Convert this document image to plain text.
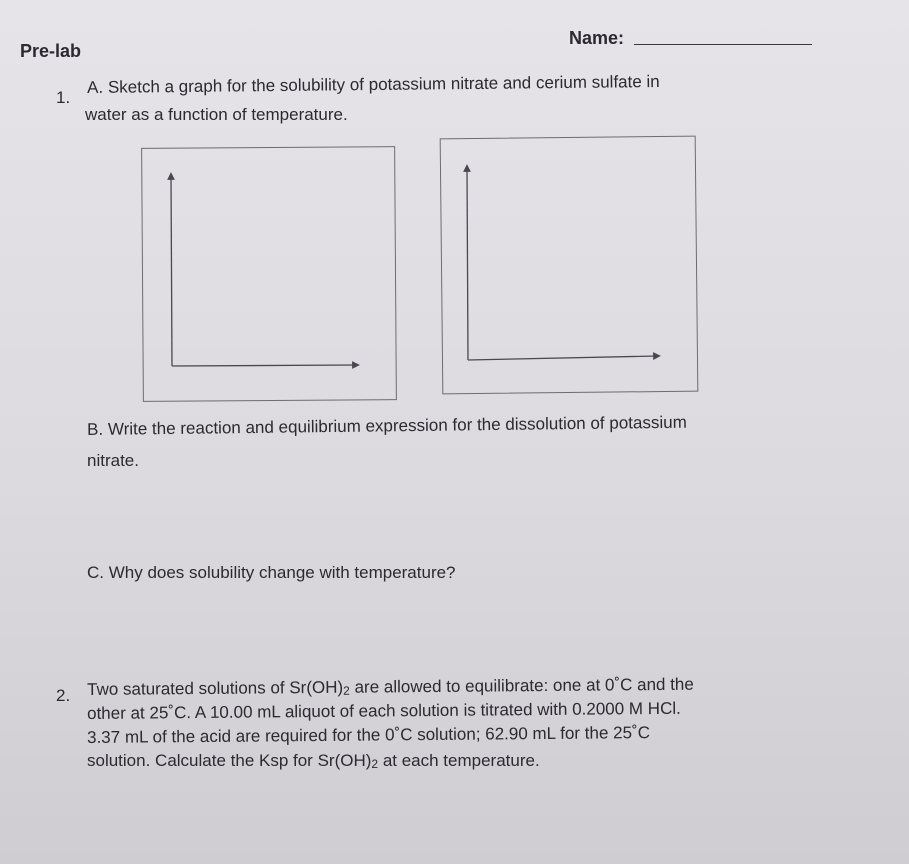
Pre-lab
Name:
1.
A. Sketch a graph for the solubility of potassium nitrate and cerium sulfate in
water as a function of temperature.
B. Write the reaction and equilibrium expression for the dissolution of potassium
nitrate.
C. Why does solubility change with temperature?
2. Two saturated solutions of $Sr(OH)_2$ are allowed to equilibrate: one at 0˚C and the
other at 25˚C. A 10.00 mL aliquot of each solution is titrated with 0.2000 M HCl.
3.37 mL of the acid are required for the 0˚C solution; 62.90 mL for the 25˚C
solution. Calculate the Ksp for $Sr(OH)_2$ at each temperature.
